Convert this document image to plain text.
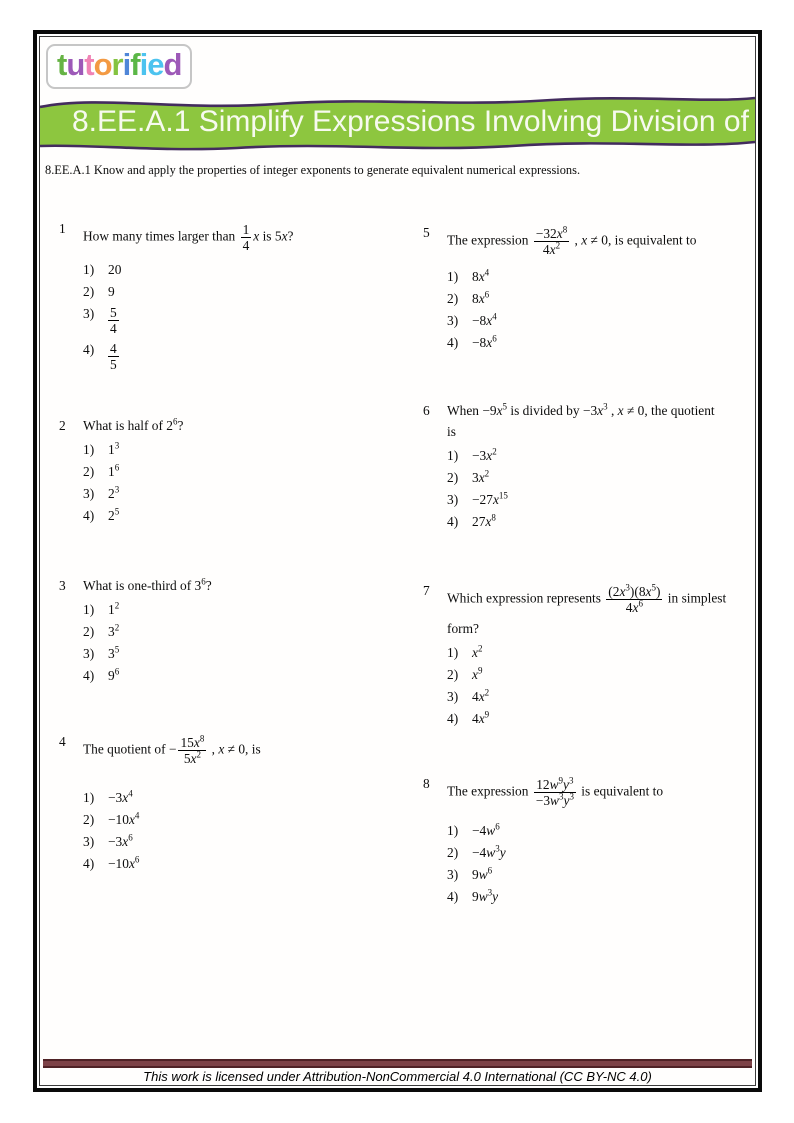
tutorified
8.EE.A.1 Simplify Expressions Involving Division of
8.EE.A.1 Know and apply the properties of integer exponents to generate equivalent numerical expressions.
1
How many times larger than $\frac{1}{4}$ x is 5x?
1)	20
2)	9
3)	$\frac{5}{4}$
4)	$\frac{4}{5}$
2	What is half of $2^6$?
1)	$1^3$
2)	$1^6$
3)	$2^3$
4)	$2^5$
3	What is one-third of $3^6$?
1)	$1^2$
2)	$3^2$
3)	$3^5$
4)	$9^6$
4
The quotient of − $\frac{15x^8}{5x^2}$ , x ≠ 0, is
1)	$-3x^4$
2)	$-10x^4$
3)	$-3x^6$
4)	$-10x^6$
5
The expression $\frac{-32x^8}{4x^2}$ , x ≠ 0, is equivalent to
1)	$8x^4$
2)	$8x^6$
3)	$-8x^4$
4)	$-8x^6$
6	When $-9x^5$ is divided by $-3x^3$ , x ≠ 0, the quotient
is
1)	$-3x^2$
2)	$3x^2$
3)	$-27x^{15}$
4)	$27x^8$
7
Which expression represents $\frac{(2x^3)(8x^5)}{4x^6}$ in simplest
form?
1)	$x^2$
2)	$x^9$
3)	$4x^2$
4)	$4x^9$
8
The expression $\frac{12w^9y^3}{-3w^3y^3}$ is equivalent to
1)	$-4w^6$
2)	$-4w^3y$
3)	$9w^6$
4)	$9w^3y$
This work is licensed under Attribution-NonCommercial 4.0 International (CC BY-NC 4.0)
